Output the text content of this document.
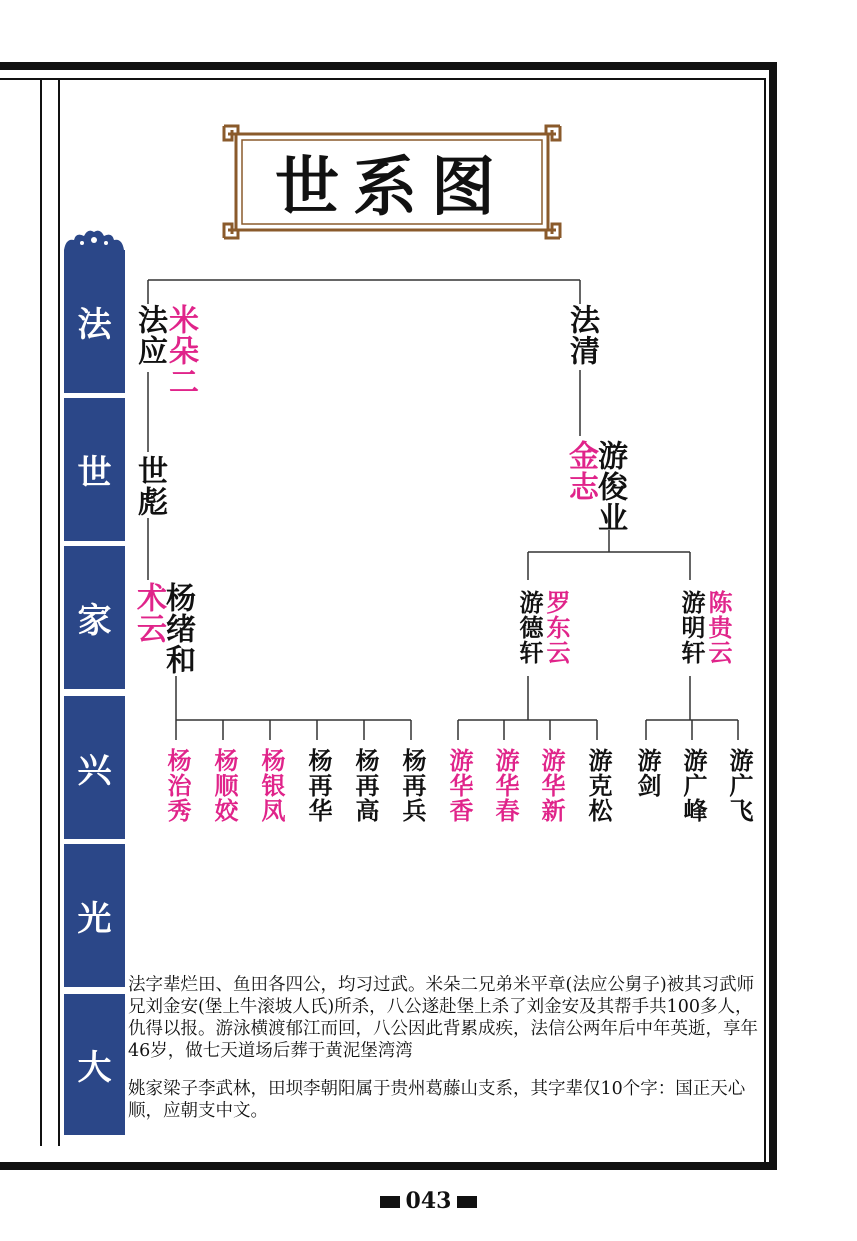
世系图
法
世
家
兴
光
大
法应
米朵二	法清
世彪	金志
游俊业
术云
杨绪和	游德轩
罗东云	游明轩
陈贵云
杨治秀 杨顺姣 杨银凤 杨再华 杨再高 杨再兵 游华香 游华春 游华新 游克松 游剑 游广峰 游广飞

法字辈烂田、鱼田各四公，均习过武。米朵二兄弟米平章(法应公舅子)被其习武师兄刘金安(堡上牛滚坡人氏)所杀，八公遂赴堡上杀了刘金安及其帮手共100多人，仇得以报。游泳横渡郁江而回，八公因此背累成疾，法信公两年后中年英逝，享年46岁，做七天道场后葬于黄泥堡湾湾

姚家梁子李武林，田坝李朝阳属于贵州葛藤山支系，其字辈仅10个字：国正天心顺，应朝支中文。

043
